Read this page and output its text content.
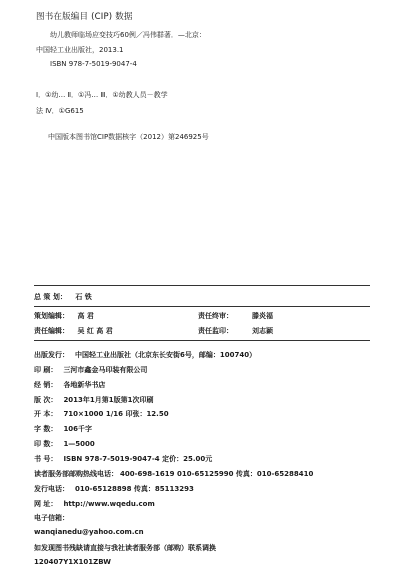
图书在版编目 (CIP) 数据
幼儿教师临场应变技巧60例／冯伟群著．—北京：
中国轻工业出版社，2013.1
ISBN 978-7-5019-9047-4
Ⅰ．①幼… Ⅱ．①冯… Ⅲ．①幼教人员－教学
法 Ⅳ．①G615
中国版本图书馆CIP数据核字（2012）第246925号
总 策 划： 石 铁
策划编辑： 高 君	责任终审：	滕炎福
责任编辑： 吴 红 高 君	责任监印：	刘志颖
出版发行： 中国轻工业出版社（北京东长安街6号，邮编：100740）
印 刷： 三河市鑫金马印装有限公司
经 销： 各地新华书店
版 次： 2013年1月第1版第1次印刷
开 本： 710×1000 1/16 印张：12.50
字 数： 106千字
印 数： 1—5000
书 号： ISBN 978-7-5019-9047-4 定价：25.00元
读者服务部邮购热线电话： 400-698-1619 010-65125990 传真：010-65288410
发行电话： 010-65128898 传真：85113293
网 址： http://www.wqedu.com
电子信箱：
wanqianedu@yahoo.com.cn
如发现图书残缺请直接与我社读者服务部（邮购）联系调换
120407Y1X101ZBW
